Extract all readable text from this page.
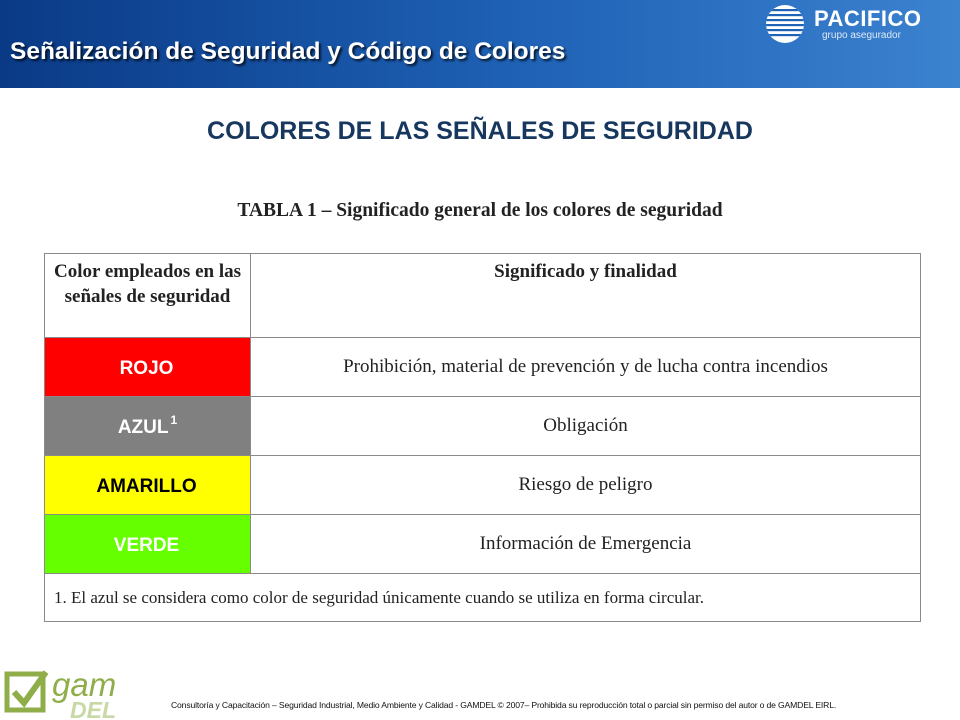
Señalización de Seguridad y Código de Colores
PACIFICO
grupo asegurador
COLORES DE LAS SEÑALES DE SEGURIDAD
TABLA 1 – Significado general de los colores de seguridad
Color empleados en las señales de seguridad	Significado y finalidad
ROJO	Prohibición, material de prevención y de lucha contra incendios
AZUL $^1$	Obligación
AMARILLO	Riesgo de peligro
VERDE	Información de Emergencia
1. El azul se considera como color de seguridad únicamente cuando se utiliza en forma circular.	
gam
DEL	Consultoría y Capacitación – Seguridad Industrial, Medio Ambiente y Calidad - GAMDEL © 2007– Prohibida su reproducción total o parcial sin permiso del autor o de GAMDEL EIRL.
